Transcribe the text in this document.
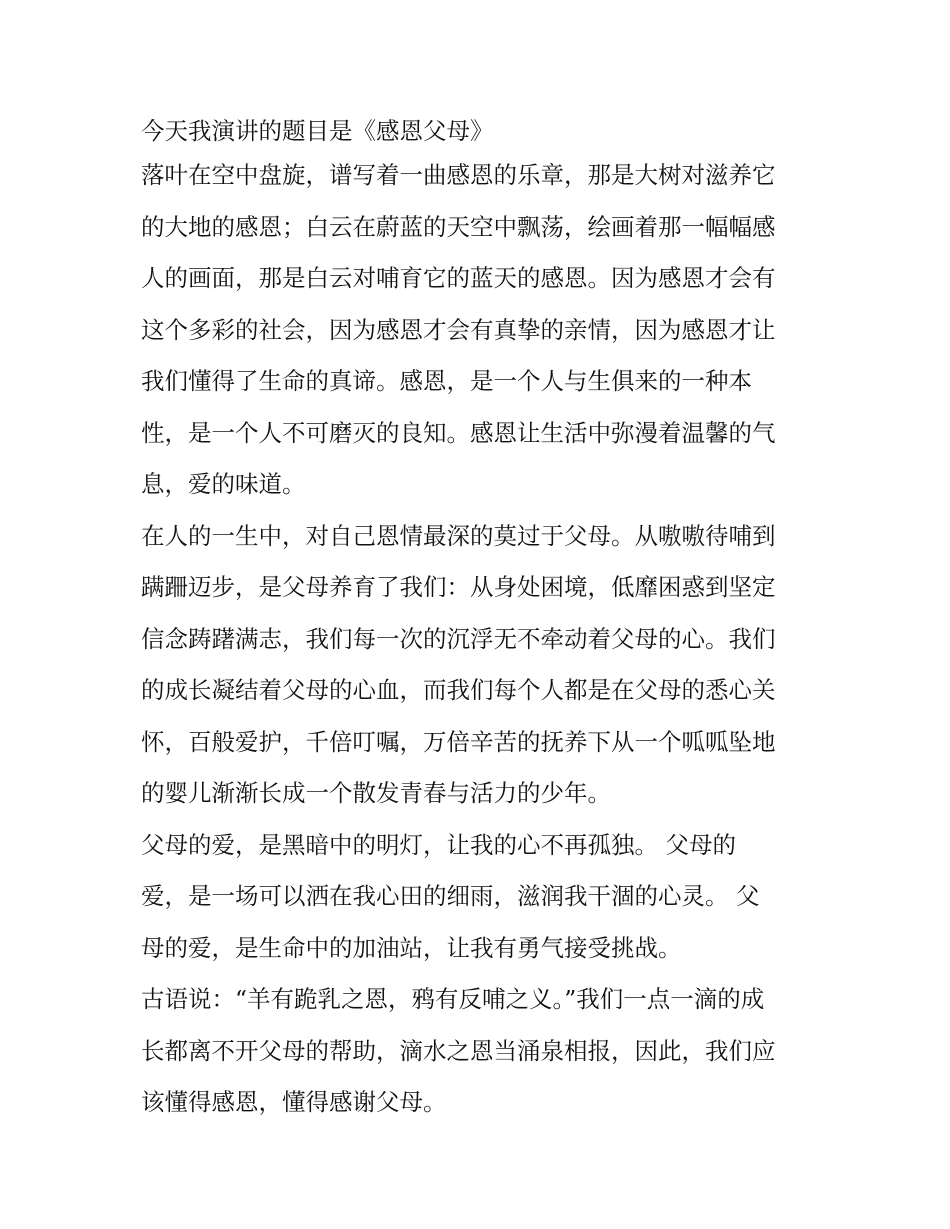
今天我演讲的题目是《感恩父母》
落叶在空中盘旋，谱写着一曲感恩的乐章，那是大树对滋养它
的大地的感恩；白云在蔚蓝的天空中飘荡，绘画着那一幅幅感
人的画面，那是白云对哺育它的蓝天的感恩。因为感恩才会有
这个多彩的社会，因为感恩才会有真挚的亲情，因为感恩才让
我们懂得了生命的真谛。感恩，是一个人与生俱来的一种本
性，是一个人不可磨灭的良知。感恩让生活中弥漫着温馨的气
息，爱的味道。
在人的一生中，对自己恩情最深的莫过于父母。从嗷嗷待哺到
蹒跚迈步，是父母养育了我们：从身处困境，低靡困惑到坚定
信念踌躇满志，我们每一次的沉浮无不牵动着父母的心。我们
的成长凝结着父母的心血，而我们每个人都是在父母的悉心关
怀，百般爱护，千倍叮嘱，万倍辛苦的抚养下从一个呱呱坠地
的婴儿渐渐长成一个散发青春与活力的少年。
父母的爱，是黑暗中的明灯，让我的心不再孤独。 父母的
爱，是一场可以洒在我心田的细雨，滋润我干涸的心灵。 父
母的爱，是生命中的加油站，让我有勇气接受挑战。
古语说：“羊有跪乳之恩，鸦有反哺之义。”我们一点一滴的成
长都离不开父母的帮助，滴水之恩当涌泉相报，因此，我们应
该懂得感恩，懂得感谢父母。
